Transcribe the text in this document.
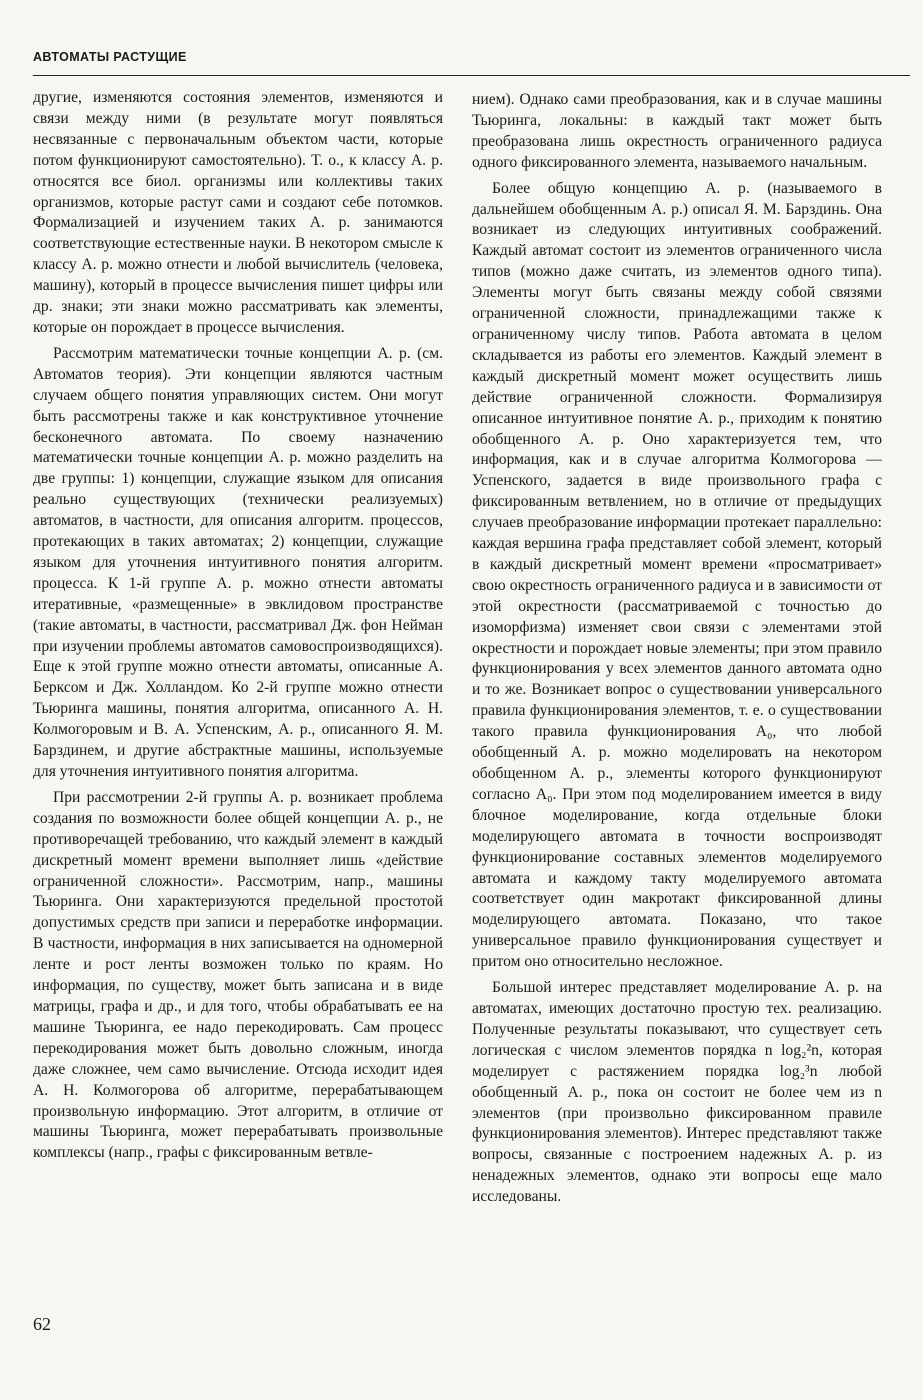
АВТОМАТЫ РАСТУЩИЕ

другие, изменяются состояния элементов, изменяются и связи между ними (в результате могут появляться несвязанные с первоначальным объектом части, которые потом функционируют самостоятельно). Т. о., к классу А. р. относятся все биол. организмы или коллективы таких организмов, которые растут сами и создают себе потомков. Формализацией и изучением таких А. р. занимаются соответствующие естественные науки. В некотором смысле к классу А. р. можно отнести и любой вычислитель (человека, машину), который в процессе вычисления пишет цифры или др. знаки; эти знаки можно рассматривать как элементы, которые он порождает в процессе вычисления.

Рассмотрим математически точные концепции А. р. (см. Автоматов теория). Эти концепции являются частным случаем общего понятия управляющих систем. Они могут быть рассмотрены также и как конструктивное уточнение бесконечного автомата. По своему назначению математически точные концепции А. р. можно разделить на две группы: 1) концепции, служащие языком для описания реально существующих (технически реализуемых) автоматов, в частности, для описания алгоритм. процессов, протекающих в таких автоматах; 2) концепции, служащие языком для уточнения интуитивного понятия алгоритм. процесса. К 1-й группе А. р. можно отнести автоматы итеративные, «размещенные» в эвклидовом пространстве (такие автоматы, в частности, рассматривал Дж. фон Нейман при изучении проблемы автоматов самовоспроизводящихся). Еще к этой группе можно отнести автоматы, описанные А. Берксом и Дж. Холландом. Ко 2-й группе можно отнести Тьюринга машины, понятия алгоритма, описанного А. Н. Колмогоровым и В. А. Успенским, А. р., описанного Я. М. Барздинем, и другие абстрактные машины, используемые для уточнения интуитивного понятия алгоритма.

При рассмотрении 2-й группы А. р. возникает проблема создания по возможности более общей концепции А. р., не противоречащей требованию, что каждый элемент в каждый дискретный момент времени выполняет лишь «действие ограниченной сложности». Рассмотрим, напр., машины Тьюринга. Они характеризуются предельной простотой допустимых средств при записи и переработке информации. В частности, информация в них записывается на одномерной ленте и рост ленты возможен только по краям. Но информация, по существу, может быть записана и в виде матрицы, графа и др., и для того, чтобы обрабатывать ее на машине Тьюринга, ее надо перекодировать. Сам процесс перекодирования может быть довольно сложным, иногда даже сложнее, чем само вычисление. Отсюда исходит идея А. Н. Колмогорова об алгоритме, перерабатывающем произвольную информацию. Этот алгоритм, в отличие от машины Тьюринга, может перерабатывать произвольные комплексы (напр., графы с фиксированным ветвле-

нием). Однако сами преобразования, как и в случае машины Тьюринга, локальны: в каждый такт может быть преобразована лишь окрестность ограниченного радиуса одного фиксированного элемента, называемого начальным.

Более общую концепцию А. р. (называемого в дальнейшем обобщенным А. р.) описал Я. М. Барздинь. Она возникает из следующих интуитивных соображений. Каждый автомат состоит из элементов ограниченного числа типов (можно даже считать, из элементов одного типа). Элементы могут быть связаны между собой связями ограниченной сложности, принадлежащими также к ограниченному числу типов. Работа автомата в целом складывается из работы его элементов. Каждый элемент в каждый дискретный момент может осуществить лишь действие ограниченной сложности. Формализируя описанное интуитивное понятие А. р., приходим к понятию обобщенного А. р. Оно характеризуется тем, что информация, как и в случае алгоритма Колмогорова — Успенского, задается в виде произвольного графа с фиксированным ветвлением, но в отличие от предыдущих случаев преобразование информации протекает параллельно: каждая вершина графа представляет собой элемент, который в каждый дискретный момент времени «просматривает» свою окрестность ограниченного радиуса и в зависимости от этой окрестности (рассматриваемой с точностью до изоморфизма) изменяет свои связи с элементами этой окрестности и порождает новые элементы; при этом правило функционирования у всех элементов данного автомата одно и то же. Возникает вопрос о существовании универсального правила функционирования элементов, т. е. о существовании такого правила функционирования A₀, что любой обобщенный А. р. можно моделировать на некотором обобщенном А. р., элементы которого функционируют согласно A₀. При этом под моделированием имеется в виду блочное моделирование, когда отдельные блоки моделирующего автомата в точности воспроизводят функционирование составных элементов моделируемого автомата и каждому такту моделируемого автомата соответствует один макротакт фиксированной длины моделирующего автомата. Показано, что такое универсальное правило функционирования существует и притом оно относительно несложное.

Большой интерес представляет моделирование А. р. на автоматах, имеющих достаточно простую тех. реализацию. Полученные результаты показывают, что существует сеть логическая с числом элементов порядка n log₂²n, которая моделирует с растяжением порядка log₂³n любой обобщенный А. р., пока он состоит не более чем из n элементов (при произвольно фиксированном правиле функционирования элементов). Интерес представляют также вопросы, связанные с построением надежных А. р. из ненадежных элементов, однако эти вопросы еще мало исследованы.

62
